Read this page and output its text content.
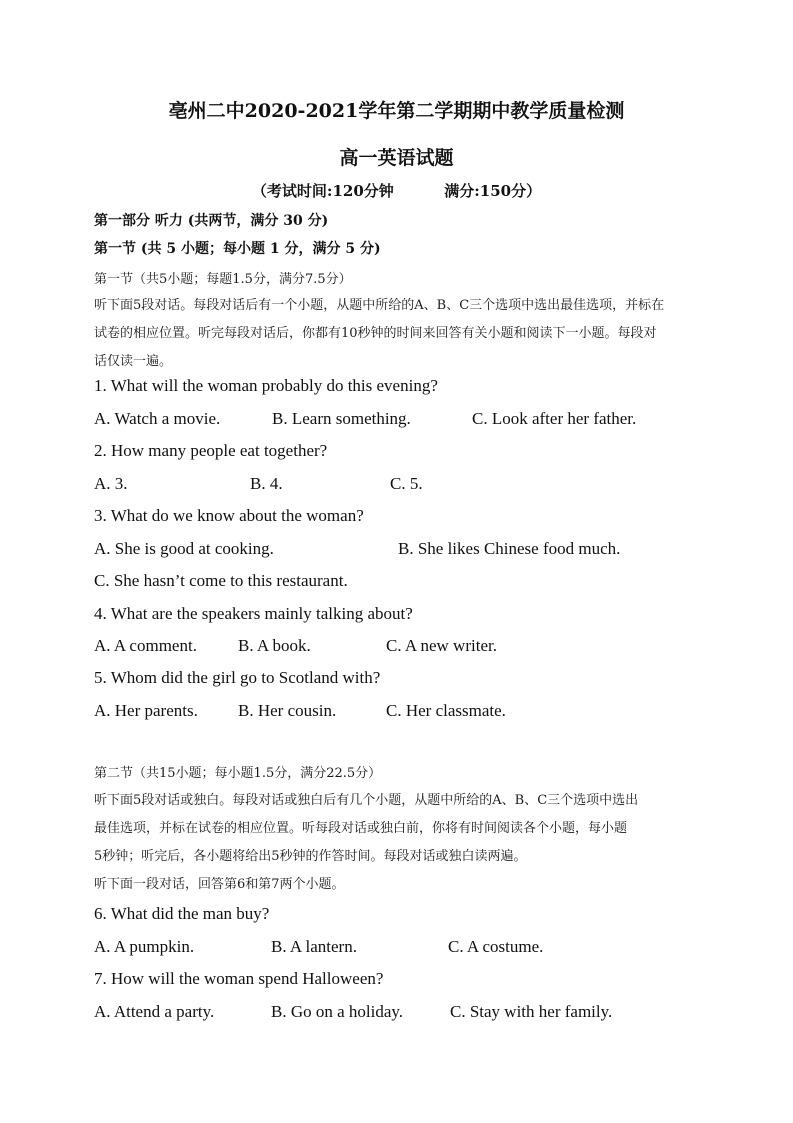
亳州二中2020-2021学年第二学期期中教学质量检测
高一英语试题
（考试时间:120分钟	满分:150分）
第一部分 听力 (共两节，满分 30 分)
第一节 (共 5 小题；每小题 1 分，满分 5 分)
第一节（共5小题；每题1.5分，满分7.5分）
听下面5段对话。每段对话后有一个小题，从题中所给的A、B、C三个选项中选出最佳选项，并标在
试卷的相应位置。听完每段对话后，你都有10秒钟的时间来回答有关小题和阅读下一小题。每段对
话仅读一遍。
1. What will the woman probably do this evening?
A. Watch a movie.	B. Learn something.	C. Look after her father.
2. How many people eat together?
A. 3.	B. 4.	C. 5.
3. What do we know about the woman?
A. She is good at cooking.	B. She likes Chinese food much.
C. She hasn’t come to this restaurant.
4. What are the speakers mainly talking about?
A. A comment. B. A book.	C. A new writer.
5. Whom did the girl go to Scotland with?
A. Her parents. B. Her cousin.	C. Her classmate.
第二节（共15小题；每小题1.5分，满分22.5分）
听下面5段对话或独白。每段对话或独白后有几个小题，从题中所给的A、B、C三个选项中选出
最佳选项，并标在试卷的相应位置。听每段对话或独白前，你将有时间阅读各个小题，每小题
5秒钟；听完后，各小题将给出5秒钟的作答时间。每段对话或独白读两遍。
听下面一段对话，回答第6和第7两个小题。
6. What did the man buy?
A. A pumpkin.	B. A lantern.	C. A costume.
7. How will the woman spend Halloween?
A. Attend a party.	B. Go on a holiday.	C. Stay with her family.
